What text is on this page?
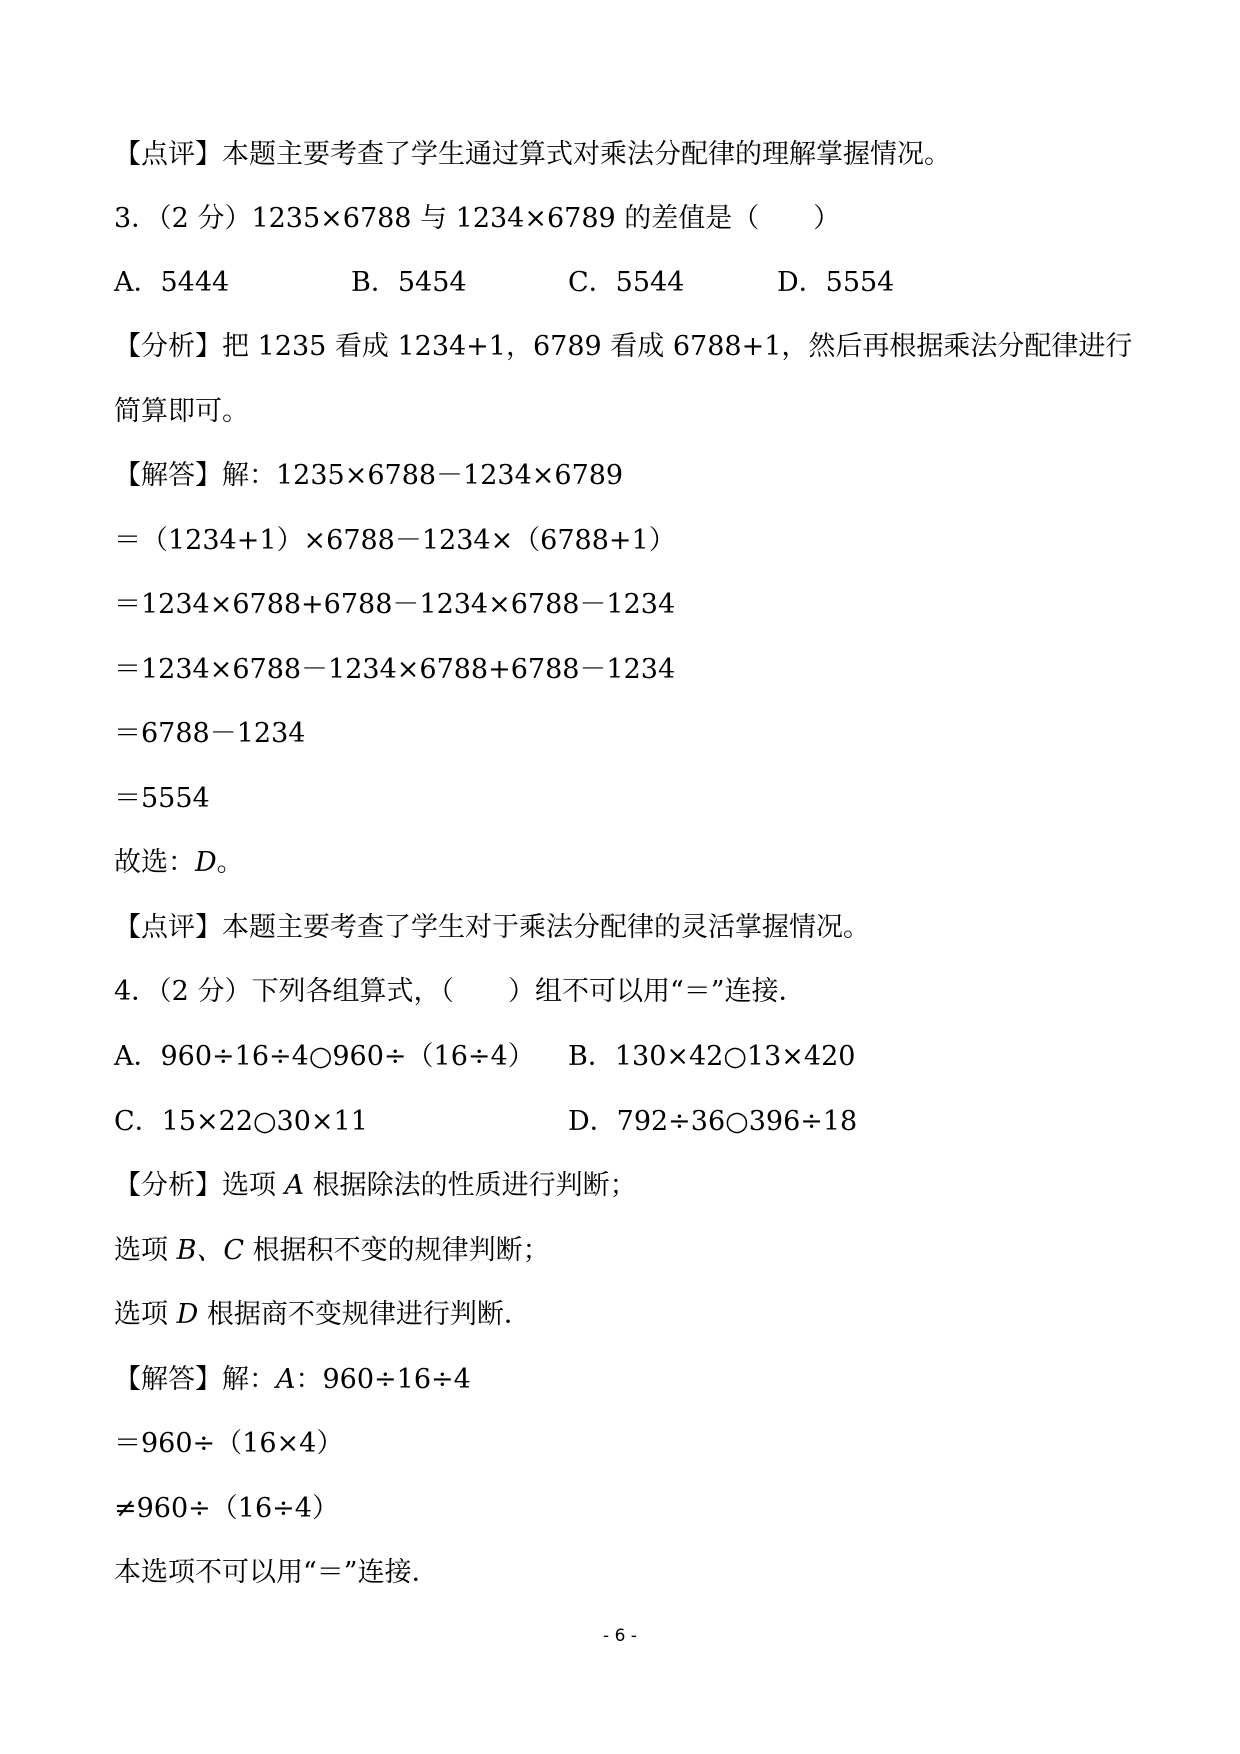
【点评】本题主要考查了学生通过算式对乘法分配律的理解掌握情况。
3．（2 分）1235×6788 与 1234×6789 的差值是（　　）
A．5444	B．5454	C．5544	D．5554
【分析】把 1235 看成 1234+1，6789 看成 6788+1，然后再根据乘法分配律进行
简算即可。
【解答】解：1235×6788－1234×6789
＝（1234+1）×6788－1234×（6788+1）
＝1234×6788+6788－1234×6788－1234
＝1234×6788－1234×6788+6788－1234
＝6788－1234
＝5554
故选：D。
【点评】本题主要考查了学生对于乘法分配律的灵活掌握情况。
4．（2 分）下列各组算式，（　　）组不可以用“＝”连接．
A．960÷16÷4○960÷（16÷4） B．130×42○13×420
C．15×22○30×11	D．792÷36○396÷18
【分析】选项 A 根据除法的性质进行判断；
选项 B、C 根据积不变的规律判断；
选项 D 根据商不变规律进行判断．
【解答】解：A：960÷16÷4
＝960÷（16×4）
≠960÷（16÷4）
本选项不可以用“＝”连接．
- 6 -
